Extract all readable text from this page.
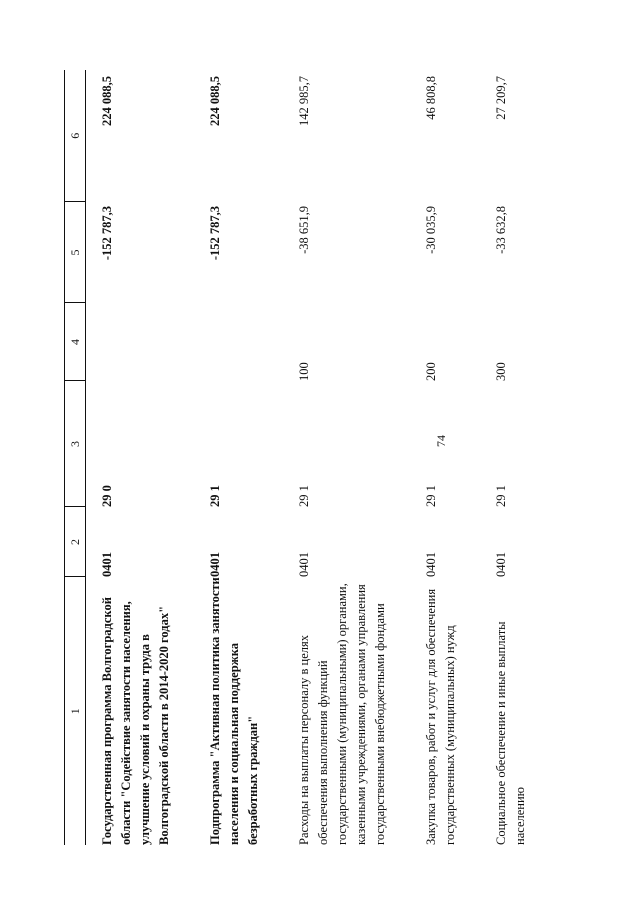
74
1	2	3	4	5	6
Государственная программа Волгоградской области "Содействие занятости населения, улучшение условий и охраны труда в Волгоградской области в 2014-2020 годах"	0401	29 0		-152 787,3	224 088,5
Подпрограмма "Активная политика занятости населения и социальная поддержка безработных граждан"	0401	29 1		-152 787,3	224 088,5
Расходы на выплаты персоналу в целях обеспечения выполнения функций государственными (муниципальными) органами, казенными учреждениями, органами управления государственными внебюджетными фондами	0401	29 1	100	-38 651,9	142 985,7
Закупка товаров, работ и услуг для обеспечения государственных (муниципальных) нужд	0401	29 1	200	-30 035,9	46 808,8
Социальное обеспечение и иные выплаты населению	0401	29 1	300	-33 632,8	27 209,7
